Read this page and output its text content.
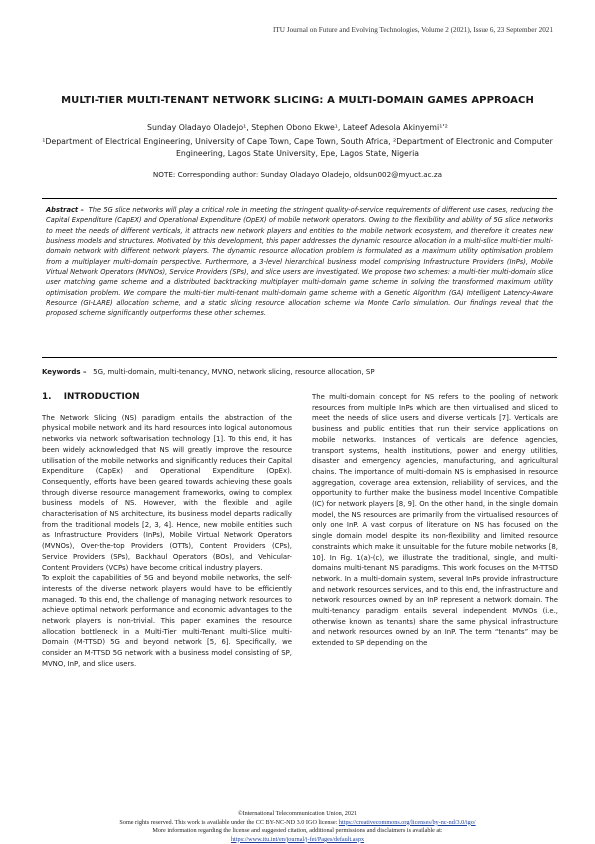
ITU Journal on Future and Evolving Technologies, Volume 2 (2021), Issue 6, 23 September 2021
MULTI-TIER MULTI-TENANT NETWORK SLICING: A MULTI-DOMAIN GAMES APPROACH
Sunday Oladayo Oladejo¹, Stephen Obono Ekwe¹, Lateef Adesola Akinyemi¹ʼ²
¹Department of Electrical Engineering, University of Cape Town, Cape Town, South Africa, ²Department of Electronic and Computer Engineering, Lagos State University, Epe, Lagos State, Nigeria
NOTE: Corresponding author: Sunday Oladayo Oladejo, oldsun002@myuct.ac.za
Abstract – The 5G slice networks will play a critical role in meeting the stringent quality-of-service requirements of different use cases, reducing the Capital Expenditure (CapEX) and Operational Expenditure (OpEX) of mobile network operators. Owing to the flexibility and ability of 5G slice networks to meet the needs of different verticals, it attracts new network players and entities to the mobile network ecosystem, and therefore it creates new business models and structures. Motivated by this development, this paper addresses the dynamic resource allocation in a multi-slice multi-tier multi-domain network with different network players. The dynamic resource allocation problem is formulated as a maximum utility optimisation problem from a multiplayer multi-domain perspective. Furthermore, a 3-level hierarchical business model comprising Infrastructure Providers (InPs), Mobile Virtual Network Operators (MVNOs), Service Providers (SPs), and slice users are investigated. We propose two schemes: a multi-tier multi-domain slice user matching game scheme and a distributed backtracking multiplayer multi-domain game scheme in solving the transformed maximum utility optimisation problem. We compare the multi-tier multi-tenant multi-domain game scheme with a Genetic Algorithm (GA) Intelligent Latency-Aware Resource (GI-LARE) allocation scheme, and a static slicing resource allocation scheme via Monte Carlo simulation. Our findings reveal that the proposed scheme significantly outperforms these other schemes.
Keywords – 5G, multi-domain, multi-tenancy, MVNO, network slicing, resource allocation, SP
1. INTRODUCTION

The Network Slicing (NS) paradigm entails the abstraction of the physical mobile network and its hard resources into logical autonomous networks via network softwarisation technology [1]. To this end, it has been widely acknowledged that NS will greatly improve the resource utilisation of the mobile networks and significantly reduces their Capital Expenditure (CapEx) and Operational Expenditure (OpEx). Consequently, efforts have been geared towards achieving these goals through diverse resource management frameworks, owing to complex business models of NS. However, with the flexible and agile characterisation of NS architecture, its business model departs radically from the traditional models [2, 3, 4]. Hence, new mobile entities such as Infrastructure Providers (InPs), Mobile Virtual Network Operators (MVNOs), Over-the-top Providers (OTTs), Content Providers (CPs), Service Providers (SPs), Backhaul Operators (BOs), and Vehicular-Content Providers (VCPs) have become critical industry players.

To exploit the capabilities of 5G and beyond mobile networks, the self-interests of the diverse network players would have to be efficiently managed. To this end, the challenge of managing network resources to achieve optimal network performance and economic advantages to the network players is non-trivial. This paper examines the resource allocation bottleneck in a Multi-Tier multi-Tenant multi-Slice multi-Domain (M-TTSD) 5G and beyond network [5, 6]. Specifically, we consider an M-TTSD 5G network with a business model consisting of SP, MVNO, InP, and slice users.

The multi-domain concept for NS refers to the pooling of network resources from multiple InPs which are then virtualised and sliced to meet the needs of slice users and diverse verticals [7]. Verticals are business and public entities that run their service applications on mobile networks. Instances of verticals are defence agencies, transport systems, health institutions, power and energy utilities, disaster and emergency agencies, manufacturing, and agricultural chains. The importance of multi-domain NS is emphasised in resource aggregation, coverage area extension, reliability of services, and the opportunity to further make the business model Incentive Compatible (IC) for network players [8, 9]. On the other hand, in the single domain model, the NS resources are primarily from the virtualised resources of only one InP. A vast corpus of literature on NS has focused on the single domain model despite its non-flexibility and limited resource constraints which make it unsuitable for the future mobile networks [8, 10]. In Fig. 1(a)-(c), we illustrate the traditional, single, and multi-domains multi-tenant NS paradigms. This work focuses on the M-TTSD network. In a multi-domain system, several InPs provide infrastructure and network resources services, and to this end, the infrastructure and network resources owned by an InP represent a network domain. The multi-tenancy paradigm entails several independent MVNOs (i.e., otherwise known as tenants) share the same physical infrastructure and network resources owned by an InP. The term “tenants” may be extended to SP depending on the

©International Telecommunication Union, 2021
Some rights reserved. This work is available under the CC BY-NC-ND 3.0 IGO license: https://creativecommons.org/licenses/by-nc-nd/3.0/igo/
More information regarding the license and suggested citation, additional permissions and disclaimers is available at:
https://www.itu.int/en/journal/j-fet/Pages/default.aspx
